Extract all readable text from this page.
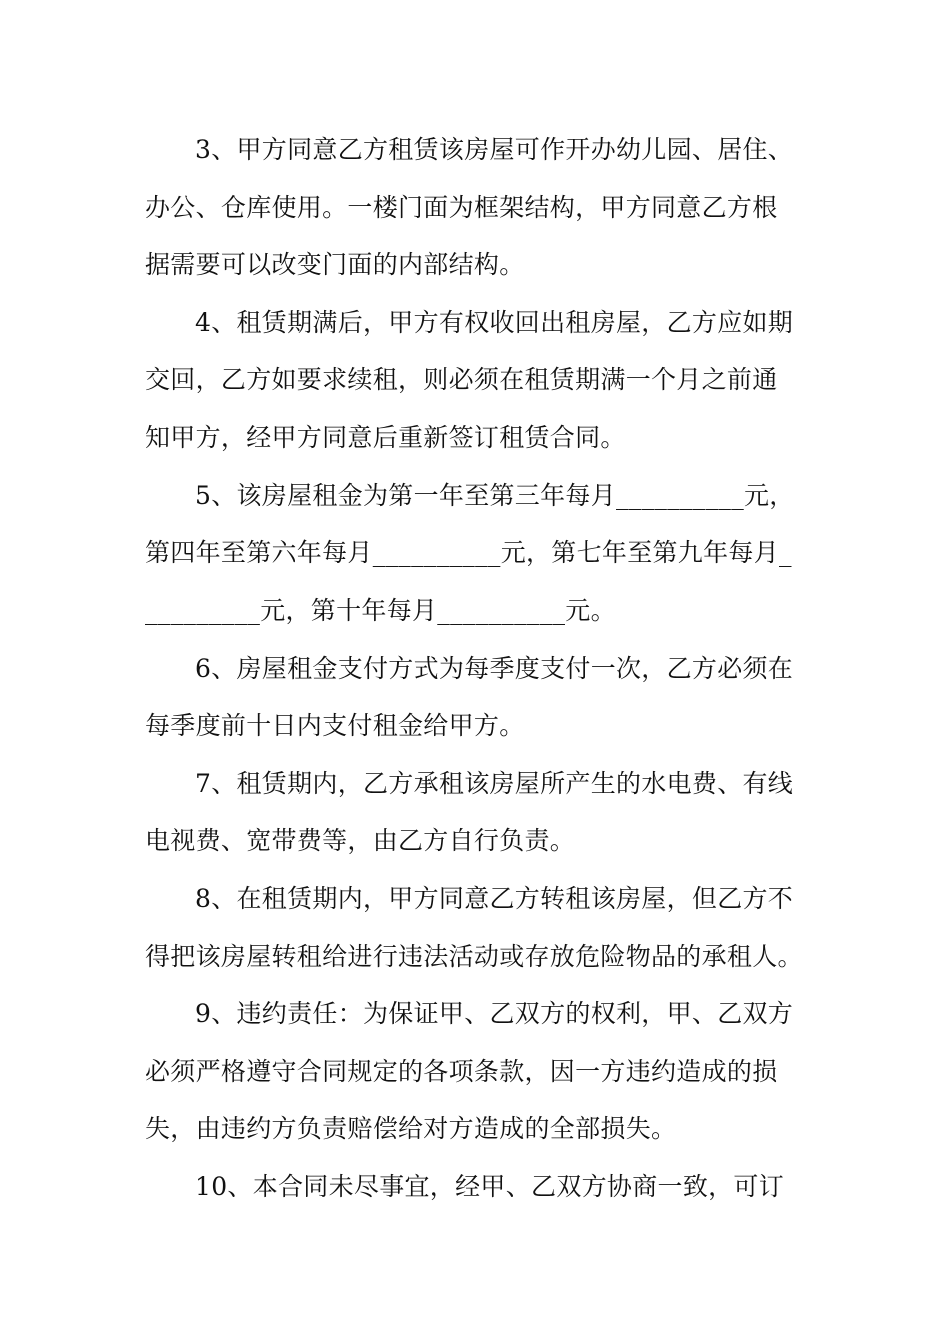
3、甲方同意乙方租赁该房屋可作开办幼儿园、居住、
办公、仓库使用。一楼门面为框架结构，甲方同意乙方根
据需要可以改变门面的内部结构。
4、租赁期满后，甲方有权收回出租房屋，乙方应如期
交回，乙方如要求续租，则必须在租赁期满一个月之前通
知甲方，经甲方同意后重新签订租赁合同。
5、该房屋租金为第一年至第三年每月__________元，
第四年至第六年每月__________元，第七年至第九年每月_
_________元，第十年每月__________元。
6、房屋租金支付方式为每季度支付一次，乙方必须在
每季度前十日内支付租金给甲方。
7、租赁期内，乙方承租该房屋所产生的水电费、有线
电视费、宽带费等，由乙方自行负责。
8、在租赁期内，甲方同意乙方转租该房屋，但乙方不
得把该房屋转租给进行违法活动或存放危险物品的承租人。
9、违约责任：为保证甲、乙双方的权利，甲、乙双方
必须严格遵守合同规定的各项条款，因一方违约造成的损
失，由违约方负责赔偿给对方造成的全部损失。
10、本合同未尽事宜，经甲、乙双方协商一致，可订
